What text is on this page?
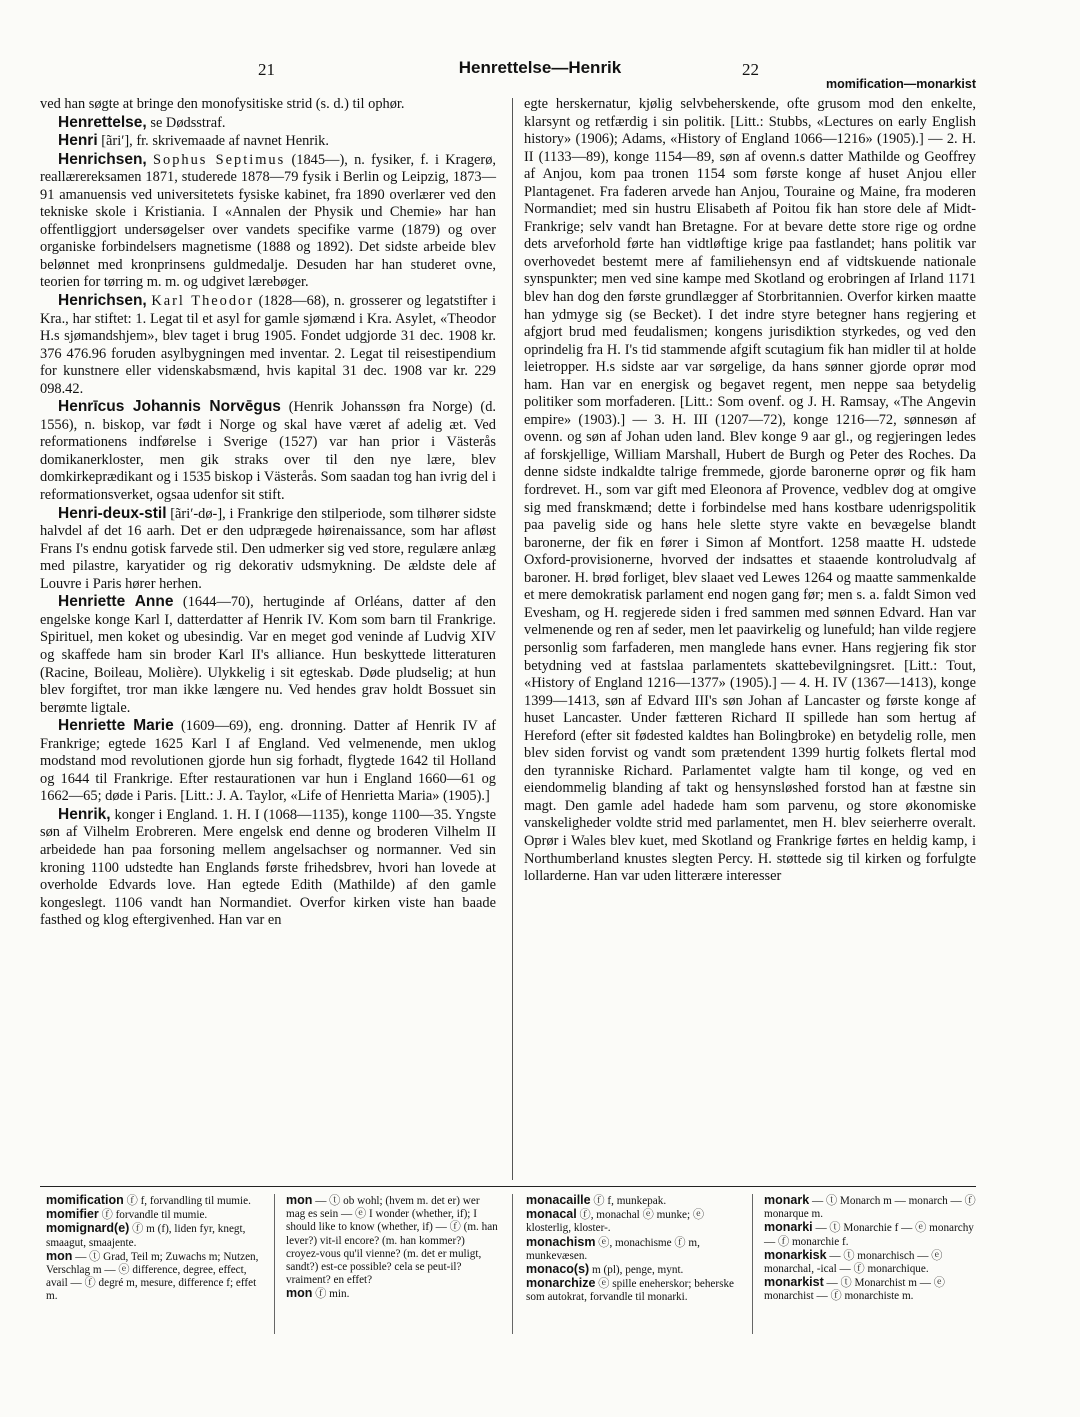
21	Henrettelse—Henrik	22
momification—monarkist

ved han søgte at bringe den monofysitiske strid (s. d.) til ophør.

Henrettelse, se Dødsstraf.

Henri [ãri′], fr. skrivemaade af navnet Henrik.

Henrichsen, Sophus Septimus (1845—), n. fysiker, f. i Kragerø, reallærereksamen 1871, studerede 1878—79 fysik i Berlin og Leipzig, 1873—91 amanuensis ved universitetets fysiske kabinet, fra 1890 overlærer ved den tekniske skole i Kristiania. I «Annalen der Physik und Chemie» har han offentliggjort undersøgelser over vandets specifike varme (1879) og over organiske forbindelsers magnetisme (1888 og 1892). Det sidste arbeide blev belønnet med kronprinsens guldmedalje. Desuden har han studeret ovne, teorien for tørring m. m. og udgivet lærebøger.

Henrichsen, Karl Theodor (1828—68), n. grosserer og legatstifter i Kra., har stiftet: 1. Legat til et asyl for gamle sjømænd i Kra. Asylet, «Theodor H.s sjømandshjem», blev taget i brug 1905. Fondet udgjorde 31 dec. 1908 kr. 376 476.96 foruden asylbygningen med inventar. 2. Legat til reisestipendium for kunstnere eller videnskabsmænd, hvis kapital 31 dec. 1908 var kr. 229 098.42.

Henrīcus Johannis Norvēgus (Henrik Johanssøn fra Norge) (d. 1556), n. biskop, var født i Norge og skal have været af adelig æt. Ved reformationens indførelse i Sverige (1527) var han prior i Västerås domikanerkloster, men gik straks over til den nye lære, blev domkirkeprædikant og i 1535 biskop i Västerås. Som saadan tog han ivrig del i reformationsverket, ogsaa udenfor sit stift.

Henri-deux-stil [ãri′-dø-], i Frankrige den stilperiode, som tilhører sidste halvdel af det 16 aarh. Det er den udprægede høirenaissance, som har afløst Frans I's endnu gotisk farvede stil. Den udmerker sig ved store, regulære anlæg med pilastre, karyatider og rig dekorativ udsmykning. De ældste dele af Louvre i Paris hører herhen.

Henriette Anne (1644—70), hertuginde af Orléans, datter af den engelske konge Karl I, datterdatter af Henrik IV. Kom som barn til Frankrige. Spirituel, men koket og ubesindig. Var en meget god veninde af Ludvig XIV og skaffede ham sin broder Karl II's alliance. Hun beskyttede litteraturen (Racine, Boileau, Molière). Ulykkelig i sit egteskab. Døde pludselig; at hun blev forgiftet, tror man ikke længere nu. Ved hendes grav holdt Bossuet sin berømte ligtale.

Henriette Marie (1609—69), eng. dronning. Datter af Henrik IV af Frankrige; egtede 1625 Karl I af England. Ved velmenende, men uklog modstand mod revolutionen gjorde hun sig forhadt, flygtede 1642 til Holland og 1644 til Frankrige. Efter restaurationen var hun i England 1660—61 og 1662—65; døde i Paris. [Litt.: J. A. Taylor, «Life of Henrietta Maria» (1905).]

Henrik, konger i England. 1. H. I (1068—1135), konge 1100—35. Yngste søn af Vilhelm Erobreren. Mere engelsk end denne og broderen Vilhelm II arbeidede han paa forsoning mellem angelsachser og normanner. Ved sin kroning 1100 udstedte han Englands første frihedsbrev, hvori han lovede at overholde Edvards love. Han egtede Edith (Mathilde) af den gamle kongeslegt. 1106 vandt han Normandiet. Overfor kirken viste han baade fasthed og klog eftergivenhed. Han var en

egte herskernatur, kjølig selvbeherskende, ofte grusom mod den enkelte, klarsynt og retfærdig i sin politik. [Litt.: Stubbs, «Lectures on early English history» (1906); Adams, «History of England 1066—1216» (1905).] — 2. H. II (1133—89), konge 1154—89, søn af ovenn.s datter Mathilde og Geoffrey af Anjou, kom paa tronen 1154 som første konge af huset Anjou eller Plantagenet. Fra faderen arvede han Anjou, Touraine og Maine, fra moderen Normandiet; med sin hustru Elisabeth af Poitou fik han store dele af Midt-Frankrige; selv vandt han Bretagne. For at bevare dette store rige og ordne dets arveforhold førte han vidtløftige krige paa fastlandet; hans politik var overhovedet bestemt mere af familiehensyn end af vidtskuende nationale synspunkter; men ved sine kampe med Skotland og erobringen af Irland 1171 blev han dog den første grundlægger af Storbritannien. Overfor kirken maatte han ydmyge sig (se Becket). I det indre styre betegner hans regjering et afgjort brud med feudalismen; kongens jurisdiktion styrkedes, og ved den oprindelig fra H. I's tid stammende afgift scutagium fik han midler til at holde leietropper. H.s sidste aar var sørgelige, da hans sønner gjorde oprør mod ham. Han var en energisk og begavet regent, men neppe saa betydelig politiker som morfaderen. [Litt.: Som ovenf. og J. H. Ramsay, «The Angevin empire» (1903).] — 3. H. III (1207—72), konge 1216—72, sønnesøn af ovenn. og søn af Johan uden land. Blev konge 9 aar gl., og regjeringen ledes af forskjellige, William Marshall, Hubert de Burgh og Peter des Roches. Da denne sidste indkaldte talrige fremmede, gjorde baronerne oprør og fik ham fordrevet. H., som var gift med Eleonora af Provence, vedblev dog at omgive sig med franskmænd; dette i forbindelse med hans kostbare udenrigspolitik paa pavelig side og hans hele slette styre vakte en bevægelse blandt baronerne, der fik en fører i Simon af Montfort. 1258 maatte H. udstede Oxford-provisionerne, hvorved der indsattes et staaende kontroludvalg af baroner. H. brød forliget, blev slaaet ved Lewes 1264 og maatte sammenkalde et mere demokratisk parlament end nogen gang før; men s. a. faldt Simon ved Evesham, og H. regjerede siden i fred sammen med sønnen Edvard. Han var velmenende og ren af seder, men let paavirkelig og lunefuld; han vilde regjere personlig som farfaderen, men manglede hans evner. Hans regjering fik stor betydning ved at fastslaa parlamentets skattebevilgningsret. [Litt.: Tout, «History of England 1216—1377» (1905).] — 4. H. IV (1367—1413), konge 1399—1413, søn af Edvard III's søn Johan af Lancaster og første konge af huset Lancaster. Under fætteren Richard II spillede han som hertug af Hereford (efter sit fødested kaldtes han Bolingbroke) en betydelig rolle, men blev siden forvist og vandt som prætendent 1399 hurtig folkets flertal mod den tyranniske Richard. Parlamentet valgte ham til konge, og ved en eiendommelig blanding af takt og hensynsløshed forstod han at fæstne sin magt. Den gamle adel hadede ham som parvenu, og store økonomiske vanskeligheder voldte strid med parlamentet, men H. blev seierherre overalt. Oprør i Wales blev kuet, med Skotland og Frankrige førtes en heldig kamp, i Northumberland knustes slegten Percy. H. støttede sig til kirken og forfulgte lollarderne. Han var uden litterære interesser

momification ⓕ f, forvandling til mumie.

momifier ⓕ forvandle til mumie.

momignard(e) ⓕ m (f), liden fyr, knegt, smaagut, smaajente.

mon — ⓣ Grad, Teil m; Zuwachs m; Nutzen, Verschlag m — ⓔ difference, degree, effect, avail — ⓕ degré m, mesure, difference f; effet m.

mon — ⓣ ob wohl; (hvem m. det er) wer mag es sein — ⓔ I wonder (whether, if); I should like to know (whether, if) — ⓕ (m. han lever?) vit-il encore? (m. han kommer?) croyez-vous qu'il vienne? (m. det er muligt, sandt?) est-ce possible? cela se peut-il? vraiment? en effet?

mon ⓕ min.

monacaille ⓕ f, munkepak.

monacal ⓕ, monachal ⓔ munke; ⓔ klosterlig, kloster-.

monachism ⓔ, monachisme ⓕ m, munkevæsen.

monaco(s) m (pl), penge, mynt.

monarchize ⓔ spille eneherskor; beherske som autokrat, forvandle til monarki.

monark — ⓣ Monarch m — monarch — ⓕ monarque m.

monarki — ⓣ Monarchie f — ⓔ monarchy — ⓕ monarchie f.

monarkisk — ⓣ monarchisch — ⓔ monarchal, -ical — ⓕ monarchique.

monarkist — ⓣ Monarchist m — ⓔ monarchist — ⓕ monarchiste m.
